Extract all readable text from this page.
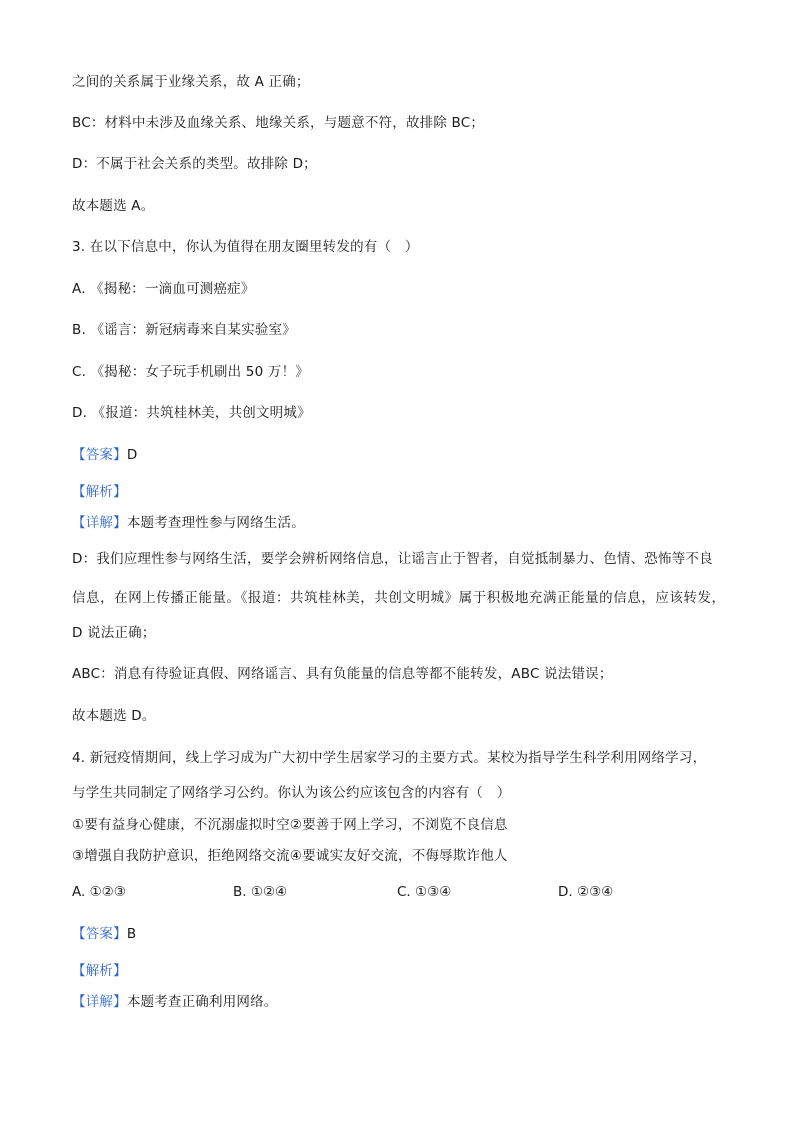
之间的关系属于业缘关系，故 A 正确；
BC：材料中未涉及血缘关系、地缘关系，与题意不符，故排除 BC；
D：不属于社会关系的类型。故排除 D；
故本题选 A。
3. 在以下信息中，你认为值得在朋友圈里转发的有（　）
A. 《揭秘：一滴血可测癌症》
B. 《谣言：新冠病毒来自某实验室》
C. 《揭秘：女子玩手机刷出 50 万！》
D. 《报道：共筑桂林美，共创文明城》
【答案】D
【解析】
【详解】本题考查理性参与网络生活。
D：我们应理性参与网络生活，要学会辨析网络信息，让谣言止于智者，自觉抵制暴力、色情、恐怖等不良
信息，在网上传播正能量。《报道：共筑桂林美，共创文明城》属于积极地充满正能量的信息，应该转发，
D 说法正确；
ABC：消息有待验证真假、网络谣言、具有负能量的信息等都不能转发，ABC 说法错误；
故本题选 D。
4. 新冠疫情期间，线上学习成为广大初中学生居家学习的主要方式。某校为指导学生科学利用网络学习，
与学生共同制定了网络学习公约。你认为该公约应该包含的内容有（　）
①要有益身心健康，不沉溺虚拟时空②要善于网上学习，不浏览不良信息
③增强自我防护意识，拒绝网络交流④要诚实友好交流，不侮辱欺诈他人
A. ①②③	B. ①②④	C. ①③④	D. ②③④
【答案】B
【解析】
【详解】本题考查正确利用网络。
